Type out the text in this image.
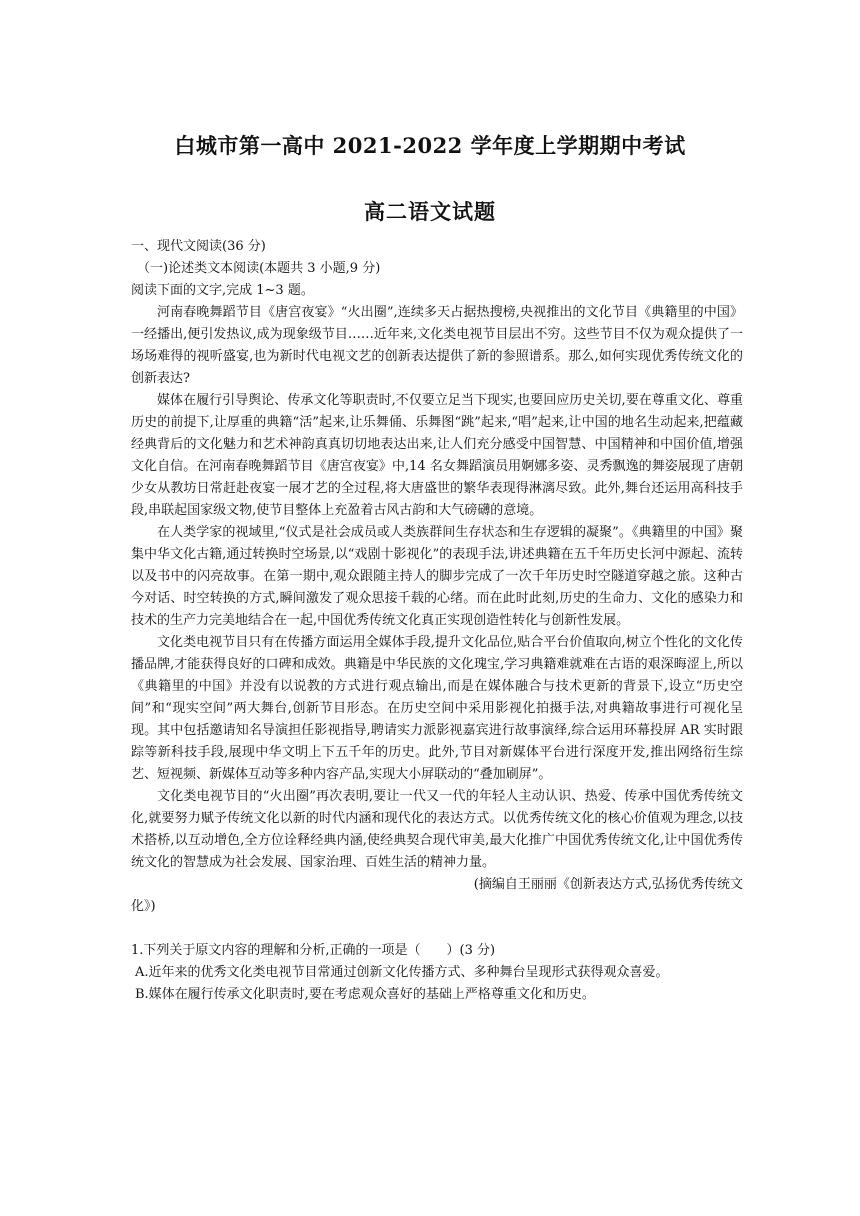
白城市第一高中 2021-2022 学年度上学期期中考试
高二语文试题

一、现代文阅读(36 分)

（一)论述类文本阅读(本题共 3 小题,9 分)

阅读下面的文字,完成 1~3 题。

河南春晚舞蹈节目《唐宫夜宴》“火出圈”,连续多天占据热搜榜,央视推出的文化节目《典籍里的中国》一经播出,便引发热议,成为现象级节目……近年来,文化类电视节目层出不穷。这些节目不仅为观众提供了一场场难得的视听盛宴,也为新时代电视文艺的创新表达提供了新的参照谱系。那么,如何实现优秀传统文化的创新表达?

媒体在履行引导舆论、传承文化等职责时,不仅要立足当下现实,也要回应历史关切,要在尊重文化、尊重历史的前提下,让厚重的典籍“活”起来,让乐舞俑、乐舞图“跳”起来,“唱”起来,让中国的地名生动起来,把蕴藏经典背后的文化魅力和艺术神韵真真切切地表达出来,让人们充分感受中国智慧、中国精神和中国价值,增强文化自信。在河南春晚舞蹈节目《唐宫夜宴》中,14 名女舞蹈演员用婀娜多姿、灵秀飘逸的舞姿展现了唐朝少女从教坊日常赶赴夜宴一展才艺的全过程,将大唐盛世的繁华表现得淋漓尽致。此外,舞台还运用高科技手段,串联起国家级文物,使节目整体上充盈着古风古韵和大气磅礴的意境。

在人类学家的视域里,“仪式是社会成员或人类族群间生存状态和生存逻辑的凝聚”。《典籍里的中国》聚集中华文化古籍,通过转换时空场景,以“戏剧十影视化”的表现手法,讲述典籍在五千年历史长河中源起、流转以及书中的闪亮故事。在第一期中,观众跟随主持人的脚步完成了一次千年历史时空隧道穿越之旅。这种古今对话、时空转换的方式,瞬间激发了观众思接千载的心绪。而在此时此刻,历史的生命力、文化的感染力和技术的生产力完美地结合在一起,中国优秀传统文化真正实现创造性转化与创新性发展。

文化类电视节目只有在传播方面运用全媒体手段,提升文化品位,贴合平台价值取向,树立个性化的文化传播品牌,才能获得良好的口碑和成效。典籍是中华民族的文化瑰宝,学习典籍难就难在古语的艰深晦涩上,所以《典籍里的中国》并没有以说教的方式进行观点输出,而是在媒体融合与技术更新的背景下,设立“历史空间”和“现实空间”两大舞台,创新节目形态。在历史空间中采用影视化拍摄手法,对典籍故事进行可视化呈现。其中包括邀请知名导演担任影视指导,聘请实力派影视嘉宾进行故事演绎,综合运用环幕投屏 AR 实时跟踪等新科技手段,展现中华文明上下五千年的历史。此外,节目对新媒体平台进行深度开发,推出网络衍生综艺、短视频、新媒体互动等多种内容产品,实现大小屏联动的“叠加刷屏”。

文化类电视节目的“火出圈”再次表明,要让一代又一代的年轻人主动认识、热爱、传承中国优秀传统文化,就要努力赋予传统文化以新的时代内涵和现代化的表达方式。以优秀传统文化的核心价值观为理念,以技术搭桥,以互动增色,全方位诠释经典内涵,使经典契合现代审美,最大化推广中国优秀传统文化,让中国优秀传统文化的智慧成为社会发展、国家治理、百姓生活的精神力量。

(摘编自王丽丽《创新表达方式,弘扬优秀传统文

化》)

1.下列关于原文内容的理解和分析,正确的一项是（　　）(3 分)

A.近年来的优秀文化类电视节目常通过创新文化传播方式、多种舞台呈现形式获得观众喜爱。

B.媒体在履行传承文化职责时,要在考虑观众喜好的基础上严格尊重文化和历史。
